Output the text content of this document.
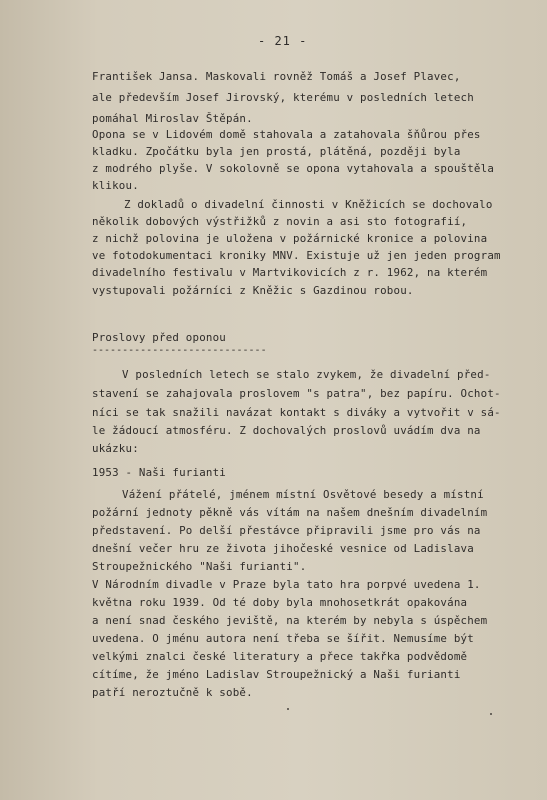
- 21 -
František Jansa. Maskovali rovněž Tomáš a Josef Plavec,
ale především Josef Jirovský, kterému v posledních letech
pomáhal Miroslav Štěpán.
Opona se v Lidovém domě stahovala a zatahovala šňůrou přes
kladku. Zpočátku byla jen prostá, plátěná, později byla
z modrého plyše. V sokolovně se opona vytahovala a spouštěla
klikou.
Z dokladů o divadelní činnosti v Kněžicích se dochovalo
několik dobových výstřižků z novin a asi sto fotografií,
z nichž polovina je uložena v požárnické kronice a polovina
ve fotodokumentaci kroniky MNV. Existuje už jen jeden program
divadelního festivalu v Martvikovicích z r. 1962, na kterém
vystupovali požárníci z Kněžic s Gazdinou robou.
Proslovy před oponou
-----------------------------
V posledních letech se stalo zvykem, že divadelní před-
stavení se zahajovala proslovem "s patra", bez papíru. Ochot-
níci se tak snažili navázat kontakt s diváky a vytvořit v sá-
le žádoucí atmosféru. Z dochovalých proslovů uvádím dva na
ukázku:
1953 - Naši furianti
Vážení přátelé, jménem místní Osvětové besedy a místní
požární jednoty pěkně vás vítám na našem dnešním divadelním
představení. Po delší přestávce připravili jsme pro vás na
dnešní večer hru ze života jihočeské vesnice od Ladislava
Stroupežnického "Naši furianti".
V Národním divadle v Praze byla tato hra porpvé uvedena 1.
května roku 1939. Od té doby byla mnohosetkrát opakována
a není snad českého jeviště, na kterém by nebyla s úspěchem
uvedena. O jménu autora není třeba se šířit. Nemusíme být
velkými znalci české literatury a přece takřka podvědomě
cítíme, že jméno Ladislav Stroupežnický a Naši furianti
patří neroztučně k sobě.
